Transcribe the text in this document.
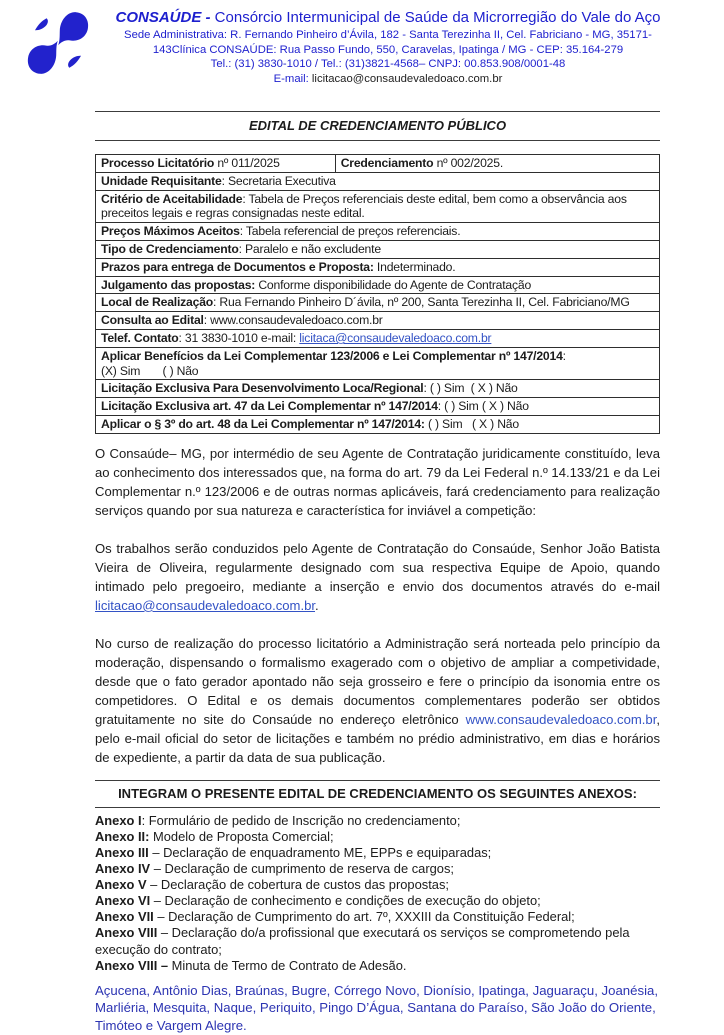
CONSAÚDE - Consórcio Intermunicipal de Saúde da Microrregião do Vale do Aço
Sede Administrativa: R. Fernando Pinheiro d’Ávila, 182 - Santa Terezinha II, Cel. Fabriciano - MG, 35171-
143Clínica CONSAÚDE: Rua Passo Fundo, 550, Caravelas, Ipatinga / MG - CEP: 35.164-279
Tel.: (31) 3830-1010 / Tel.: (31)3821-4568– CNPJ: 00.853.908/0001-48
E-mail: licitacao@consaudevaledoaco.com.br
EDITAL DE CREDENCIAMENTO PÚBLICO
Processo Licitatório nº 011/2025	Credenciamento nº 002/2025.
Unidade Requisitante: Secretaria Executiva
Critério de Aceitabilidade: Tabela de Preços referenciais deste edital, bem como a observância aos preceitos legais e regras consignadas neste edital.
Preços Máximos Aceitos: Tabela referencial de preços referenciais.
Tipo de Credenciamento: Paralelo e não excludente
Prazos para entrega de Documentos e Proposta: Indeterminado.
Julgamento das propostas: Conforme disponibilidade do Agente de Contratação
Local de Realização: Rua Fernando Pinheiro D´ávila, nº 200, Santa Terezinha II, Cel. Fabriciano/MG
Consulta ao Edital: www.consaudevaledoaco.com.br
Telef. Contato: 31 3830-1010 e-mail: licitaca@consaudevaledoaco.com.br
Aplicar Benefícios da Lei Complementar 123/2006 e Lei Complementar nº 147/2014:
(X) Sim       ( ) Não
Licitação Exclusiva Para Desenvolvimento Loca/Regional: ( ) Sim  ( X ) Não
Licitação Exclusiva art. 47 da Lei Complementar nº 147/2014: ( ) Sim ( X ) Não
Aplicar o § 3º do art. 48 da Lei Complementar nº 147/2014: ( ) Sim   ( X ) Não

O Consaúde– MG, por intermédio de seu Agente de Contratação juridicamente constituído, leva ao conhecimento dos interessados que, na forma do art. 79 da Lei Federal n.º 14.133/21 e da Lei Complementar n.º 123/2006 e de outras normas aplicáveis, fará credenciamento para realização serviços quando por sua natureza e característica for inviável a competição:

Os trabalhos serão conduzidos pelo Agente de Contratação do Consaúde, Senhor João Batista Vieira de Oliveira, regularmente designado com sua respectiva Equipe de Apoio, quando intimado pelo pregoeiro, mediante a inserção e envio dos documentos através do e-mail licitacao@consaudevaledoaco.com.br.

No curso de realização do processo licitatório a Administração será norteada pelo princípio da moderação, dispensando o formalismo exagerado com o objetivo de ampliar a competividade, desde que o fato gerador apontado não seja grosseiro e fere o princípio da isonomia entre os competidores. O Edital e os demais documentos complementares poderão ser obtidos gratuitamente no site do Consaúde no endereço eletrônico www.consaudevaledoaco.com.br, pelo e-mail oficial do setor de licitações e também no prédio administrativo, em dias e horários de expediente, a partir da data de sua publicação.

INTEGRAM O PRESENTE EDITAL DE CREDENCIAMENTO OS SEGUINTES ANEXOS:
Anexo I: Formulário de pedido de Inscrição no credenciamento;
Anexo II: Modelo de Proposta Comercial;
Anexo III – Declaração de enquadramento ME, EPPs e equiparadas;
Anexo IV – Declaração de cumprimento de reserva de cargos;
Anexo V – Declaração de cobertura de custos das propostas;
Anexo VI – Declaração de conhecimento e condições de execução do objeto;
Anexo VII – Declaração de Cumprimento do art. 7º, XXXIII da Constituição Federal;
Anexo VIII – Declaração do/a profissional que executará os serviços se comprometendo pela execução do contrato;
Anexo VIII – Minuta de Termo de Contrato de Adesão.

Açucena, Antônio Dias, Braúnas, Bugre, Córrego Novo, Dionísio, Ipatinga, Jaguaraçu, Joanésia, Marliéria, Mesquita, Naque, Periquito, Pingo D’Água, Santana do Paraíso, São João do Oriente, Timóteo e Vargem Alegre.
